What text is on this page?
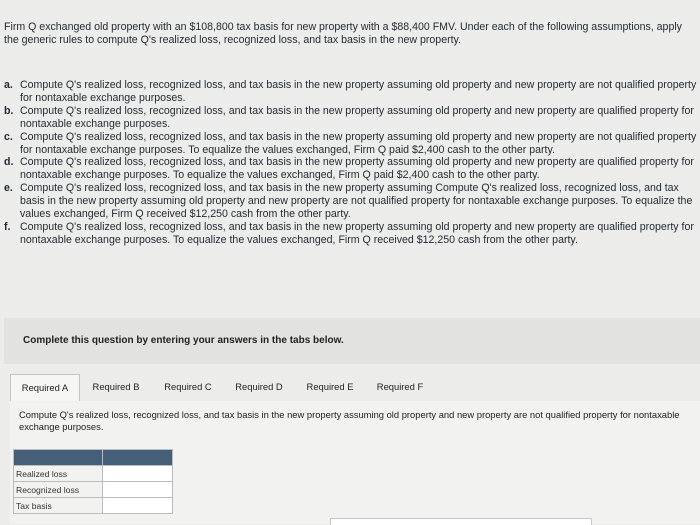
Firm Q exchanged old property with an $108,800 tax basis for new property with a $88,400 FMV. Under each of the following assumptions, apply the generic rules to compute Q's realized loss, recognized loss, and tax basis in the new property.
a. Compute Q's realized loss, recognized loss, and tax basis in the new property assuming old property and new property are not qualified property for nontaxable exchange purposes.
b. Compute Q's realized loss, recognized loss, and tax basis in the new property assuming old property and new property are qualified property for nontaxable exchange purposes.
c. Compute Q's realized loss, recognized loss, and tax basis in the new property assuming old property and new property are not qualified property for nontaxable exchange purposes. To equalize the values exchanged, Firm Q paid $2,400 cash to the other party.
d. Compute Q's realized loss, recognized loss, and tax basis in the new property assuming old property and new property are qualified property for nontaxable exchange purposes. To equalize the values exchanged, Firm Q paid $2,400 cash to the other party.
e. Compute Q's realized loss, recognized loss, and tax basis in the new property assuming Compute Q's realized loss, recognized loss, and tax basis in the new property assuming old property and new property are not qualified property for nontaxable exchange purposes. To equalize the values exchanged, Firm Q received $12,250 cash from the other party.
f. Compute Q's realized loss, recognized loss, and tax basis in the new property assuming old property and new property are qualified property for nontaxable exchange purposes. To equalize the values exchanged, Firm Q received $12,250 cash from the other party.
Complete this question by entering your answers in the tabs below.
Required A	Required B	Required C	Required D	Required E	Required F
Compute Q's realized loss, recognized loss, and tax basis in the new property assuming old property and new property are not qualified property for nontaxable exchange purposes.

Realized loss	
Recognized loss	
Tax basis	
